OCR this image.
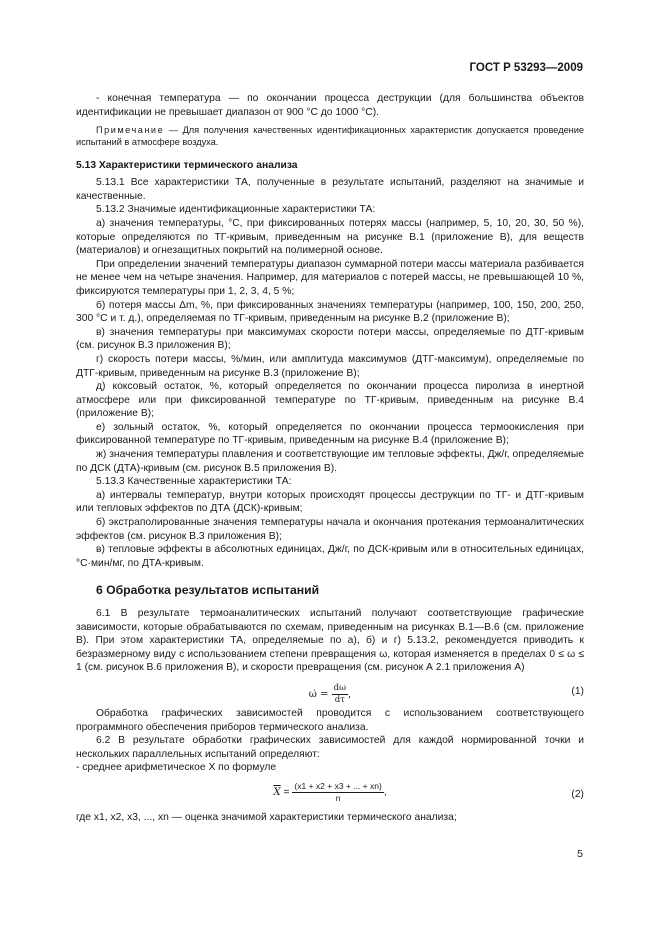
ГОСТ Р 53293—2009

- конечная температура — по окончании процесса деструкции (для большинства объектов идентификации не превышает диапазон от 900 °С до 1000 °С).

Примечание — Для получения качественных идентификационных характеристик допускается проведение испытаний в атмосфере воздуха.

5.13 Характеристики термического анализа

5.13.1 Все характеристики ТА, полученные в результате испытаний, разделяют на значимые и качественные.

5.13.2 Значимые идентификационные характеристики ТА:

а) значения температуры, °С, при фиксированных потерях массы (например, 5, 10, 20, 30, 50 %), которые определяются по ТГ-кривым, приведенным на рисунке В.1 (приложение В), для веществ (материалов) и огнезащитных покрытий на полимерной основе.

При определении значений температуры диапазон суммарной потери массы материала разбивается не менее чем на четыре значения. Например, для материалов с потерей массы, не превышающей 10 %, фиксируются температуры при 1, 2, 3, 4, 5 %;

б) потеря массы Δm, %, при фиксированных значениях температуры (например, 100, 150, 200, 250, 300 °С и т. д.), определяемая по ТГ-кривым, приведенным на рисунке В.2 (приложение В);

в) значения температуры при максимумах скорости потери массы, определяемые по ДТГ-кривым (см. рисунок В.3 приложения В);

г) скорость потери массы, %/мин, или амплитуда максимумов (ДТГ-максимум), определяемые по ДТГ-кривым, приведенным на рисунке В.3 (приложение В);

д) коксовый остаток, %, который определяется по окончании процесса пиролиза в инертной атмосфере или при фиксированной температуре по ТГ-кривым, приведенным на рисунке В.4 (приложение В);

е) зольный остаток, %, который определяется по окончании процесса термоокисления при фиксированной температуре по ТГ-кривым, приведенным на рисунке В.4 (приложение В);

ж) значения температуры плавления и соответствующие им тепловые эффекты, Дж/г, определяемые по ДСК (ДТА)-кривым (см. рисунок В.5 приложения В).

5.13.3 Качественные характеристики ТА:

а) интервалы температур, внутри которых происходят процессы деструкции по ТГ- и ДТГ-кривым или тепловых эффектов по ДТА (ДСК)-кривым;

б) экстраполированные значения температуры начала и окончания протекания термоаналитических эффектов (см. рисунок В.3 приложения В);

в) тепловые эффекты в абсолютных единицах, Дж/г, по ДСК-кривым или в относительных единицах, °С·мин/мг, по ДТА-кривым.

6 Обработка результатов испытаний

6.1 В результате термоаналитических испытаний получают соответствующие графические зависимости, которые обрабатываются по схемам, приведенным на рисунках В.1—В.6 (см. приложение В). При этом характеристики ТА, определяемые по а), б) и г) 5.13.2, рекомендуется приводить к безразмерному виду с использованием степени превращения ω, которая изменяется в пределах 0 ≤ ω ≤ 1 (см. рисунок В.6 приложения В), и скорости превращения (см. рисунок А 2.1 приложения А)

ω̇ = $\frac{d\omega}{d\tau}$ ,	(1)

Обработка графических зависимостей проводится с использованием соответствующего программного обеспечения приборов термического анализа.

6.2 В результате обработки графических зависимостей для каждой нормированной точки и нескольких параллельных испытаний определяют:

- среднее арифметическое X по формуле

$\overline{X} = \frac{(x1 + x2 + x3 + ... + xn)}{n}$ ,	(2)

где x1, x2, x3, ..., xn — оценка значимой характеристики термического анализа;

5
